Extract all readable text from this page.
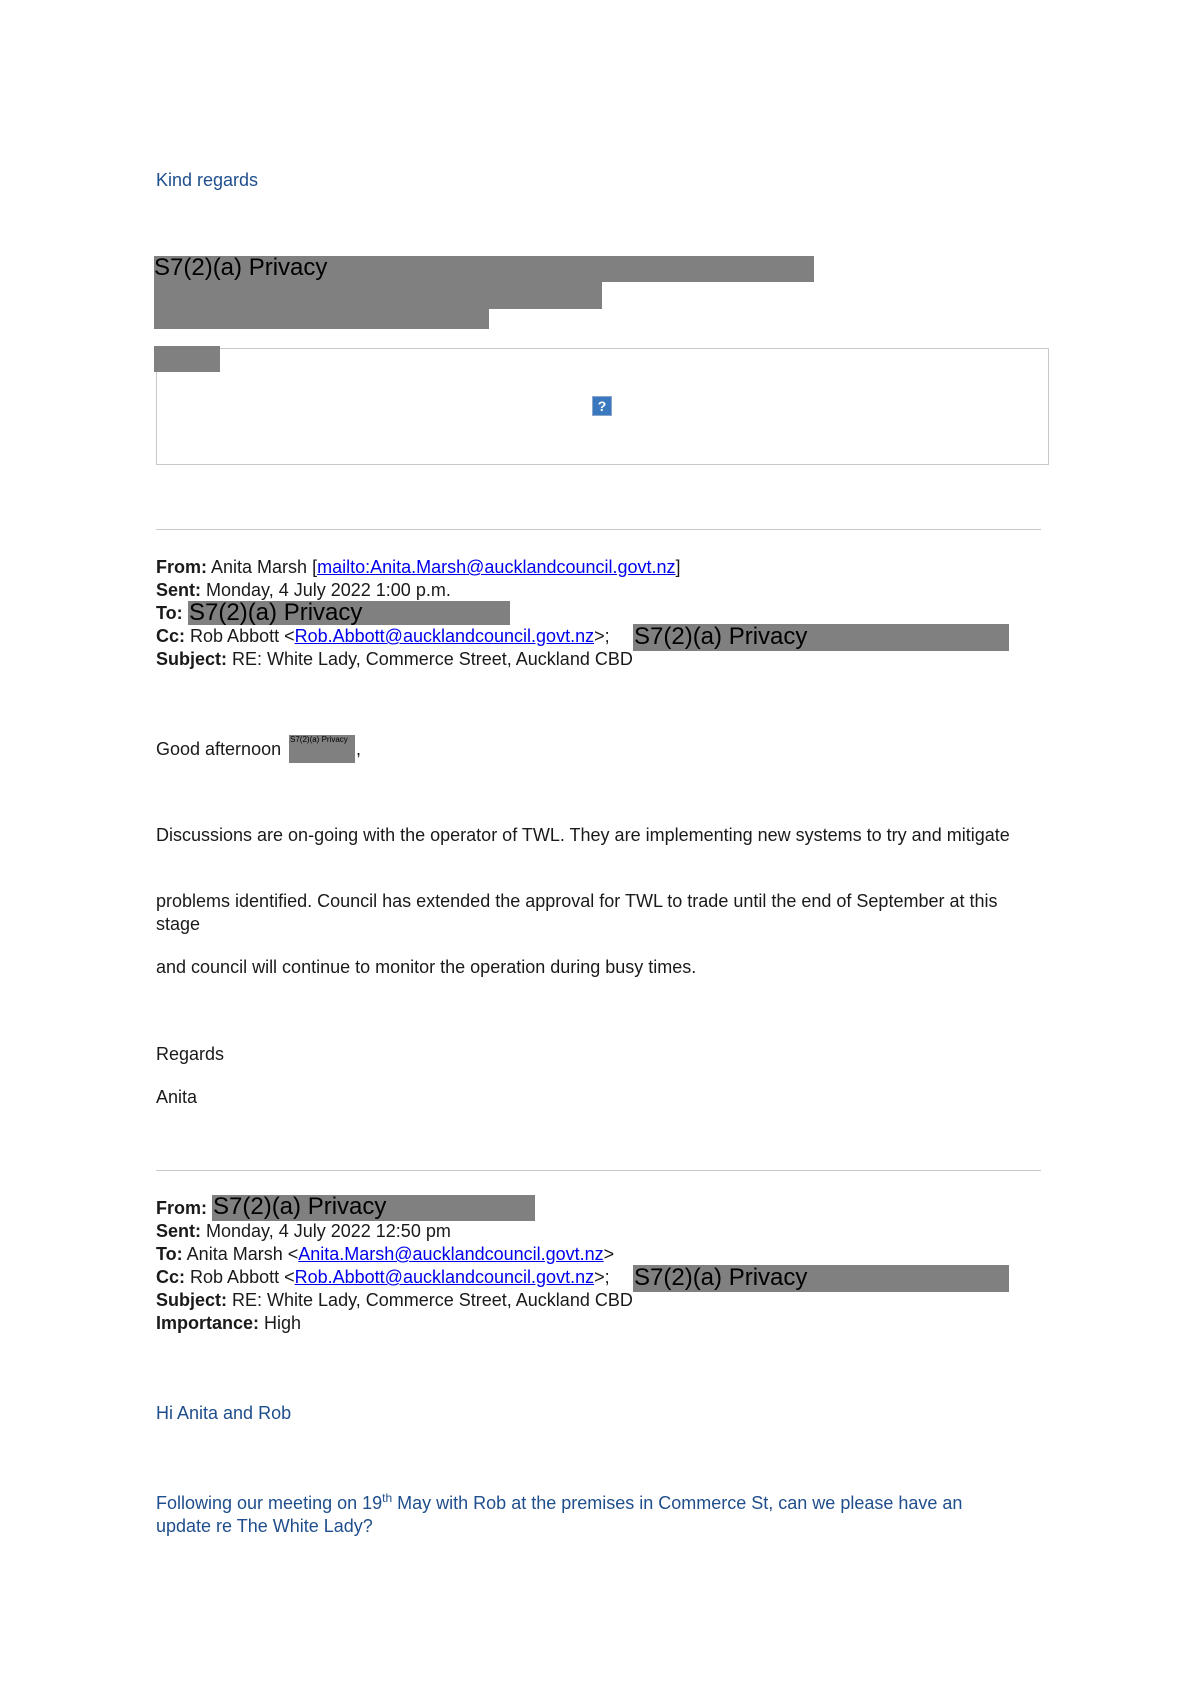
Kind regards
S7(2)(a) Privacy
?
From: Anita Marsh [mailto:Anita.Marsh@aucklandcouncil.govt.nz]
Sent: Monday, 4 July 2022 1:00 p.m.
To: S7(2)(a) Privacy
Cc: Rob Abbott <Rob.Abbott@aucklandcouncil.govt.nz>; S7(2)(a) Privacy
Subject: RE: White Lady, Commerce Street, Auckland CBD
Good afternoon S7(2)(a) Privacy ,
Discussions are on-going with the operator of TWL. They are implementing new systems to try and mitigate
problems identified. Council has extended the approval for TWL to trade until the end of September at this stage
and council will continue to monitor the operation during busy times.
Regards
Anita
From: S7(2)(a) Privacy
Sent: Monday, 4 July 2022 12:50 pm
To: Anita Marsh <Anita.Marsh@aucklandcouncil.govt.nz>
Cc: Rob Abbott <Rob.Abbott@aucklandcouncil.govt.nz>; S7(2)(a) Privacy
Subject: RE: White Lady, Commerce Street, Auckland CBD
Importance: High
Hi Anita and Rob
Following our meeting on 19th May with Rob at the premises in Commerce St, can we please have an
update re The White Lady?
